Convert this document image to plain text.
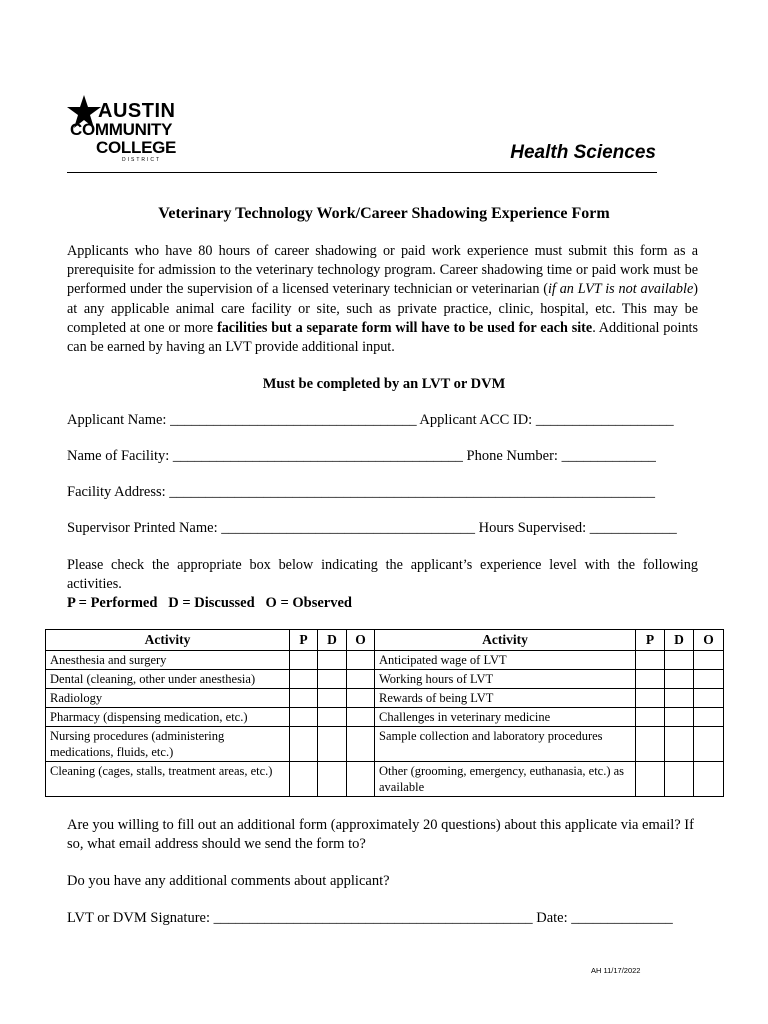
AUSTIN
COMMUNITY
COLLEGE
DISTRICT	Health Sciences
Veterinary Technology Work/Career Shadowing Experience Form

Applicants who have 80 hours of career shadowing or paid work experience must submit this form as a prerequisite for admission to the veterinary technology program. Career shadowing time or paid work must be performed under the supervision of a licensed veterinary technician or veterinarian (if an LVT is not available) at any applicable animal care facility or site, such as private practice, clinic, hospital, etc. This may be completed at one or more facilities but a separate form will have to be used for each site. Additional points can be earned by having an LVT provide additional input.

Must be completed by an LVT or DVM
Applicant Name: __________________________________ Applicant ACC ID: ___________________
Name of Facility: ________________________________________ Phone Number: _____________
Facility Address: ___________________________________________________________________
Supervisor Printed Name: ___________________________________ Hours Supervised: ____________
Please check the appropriate box below indicating the applicant’s experience level with the following activities.
P = Performed   D = Discussed   O = Observed
Activity	P	D	O	Activity	P	D	O
Anesthesia and surgery				Anticipated wage of LVT			
Dental (cleaning, other under anesthesia)				Working hours of LVT			
Radiology				Rewards of being LVT			
Pharmacy (dispensing medication, etc.)				Challenges in veterinary medicine			
Nursing procedures (administering medications, fluids, etc.)				Sample collection and laboratory procedures			
Cleaning (cages, stalls, treatment areas, etc.)				Other (grooming, emergency, euthanasia, etc.) as available			
Are you willing to fill out an additional form (approximately 20 questions) about this applicate via email? If so, what email address should we send the form to?
Do you have any additional comments about applicant?
LVT or DVM Signature: ____________________________________________ Date: ______________
AH 11/17/2022
